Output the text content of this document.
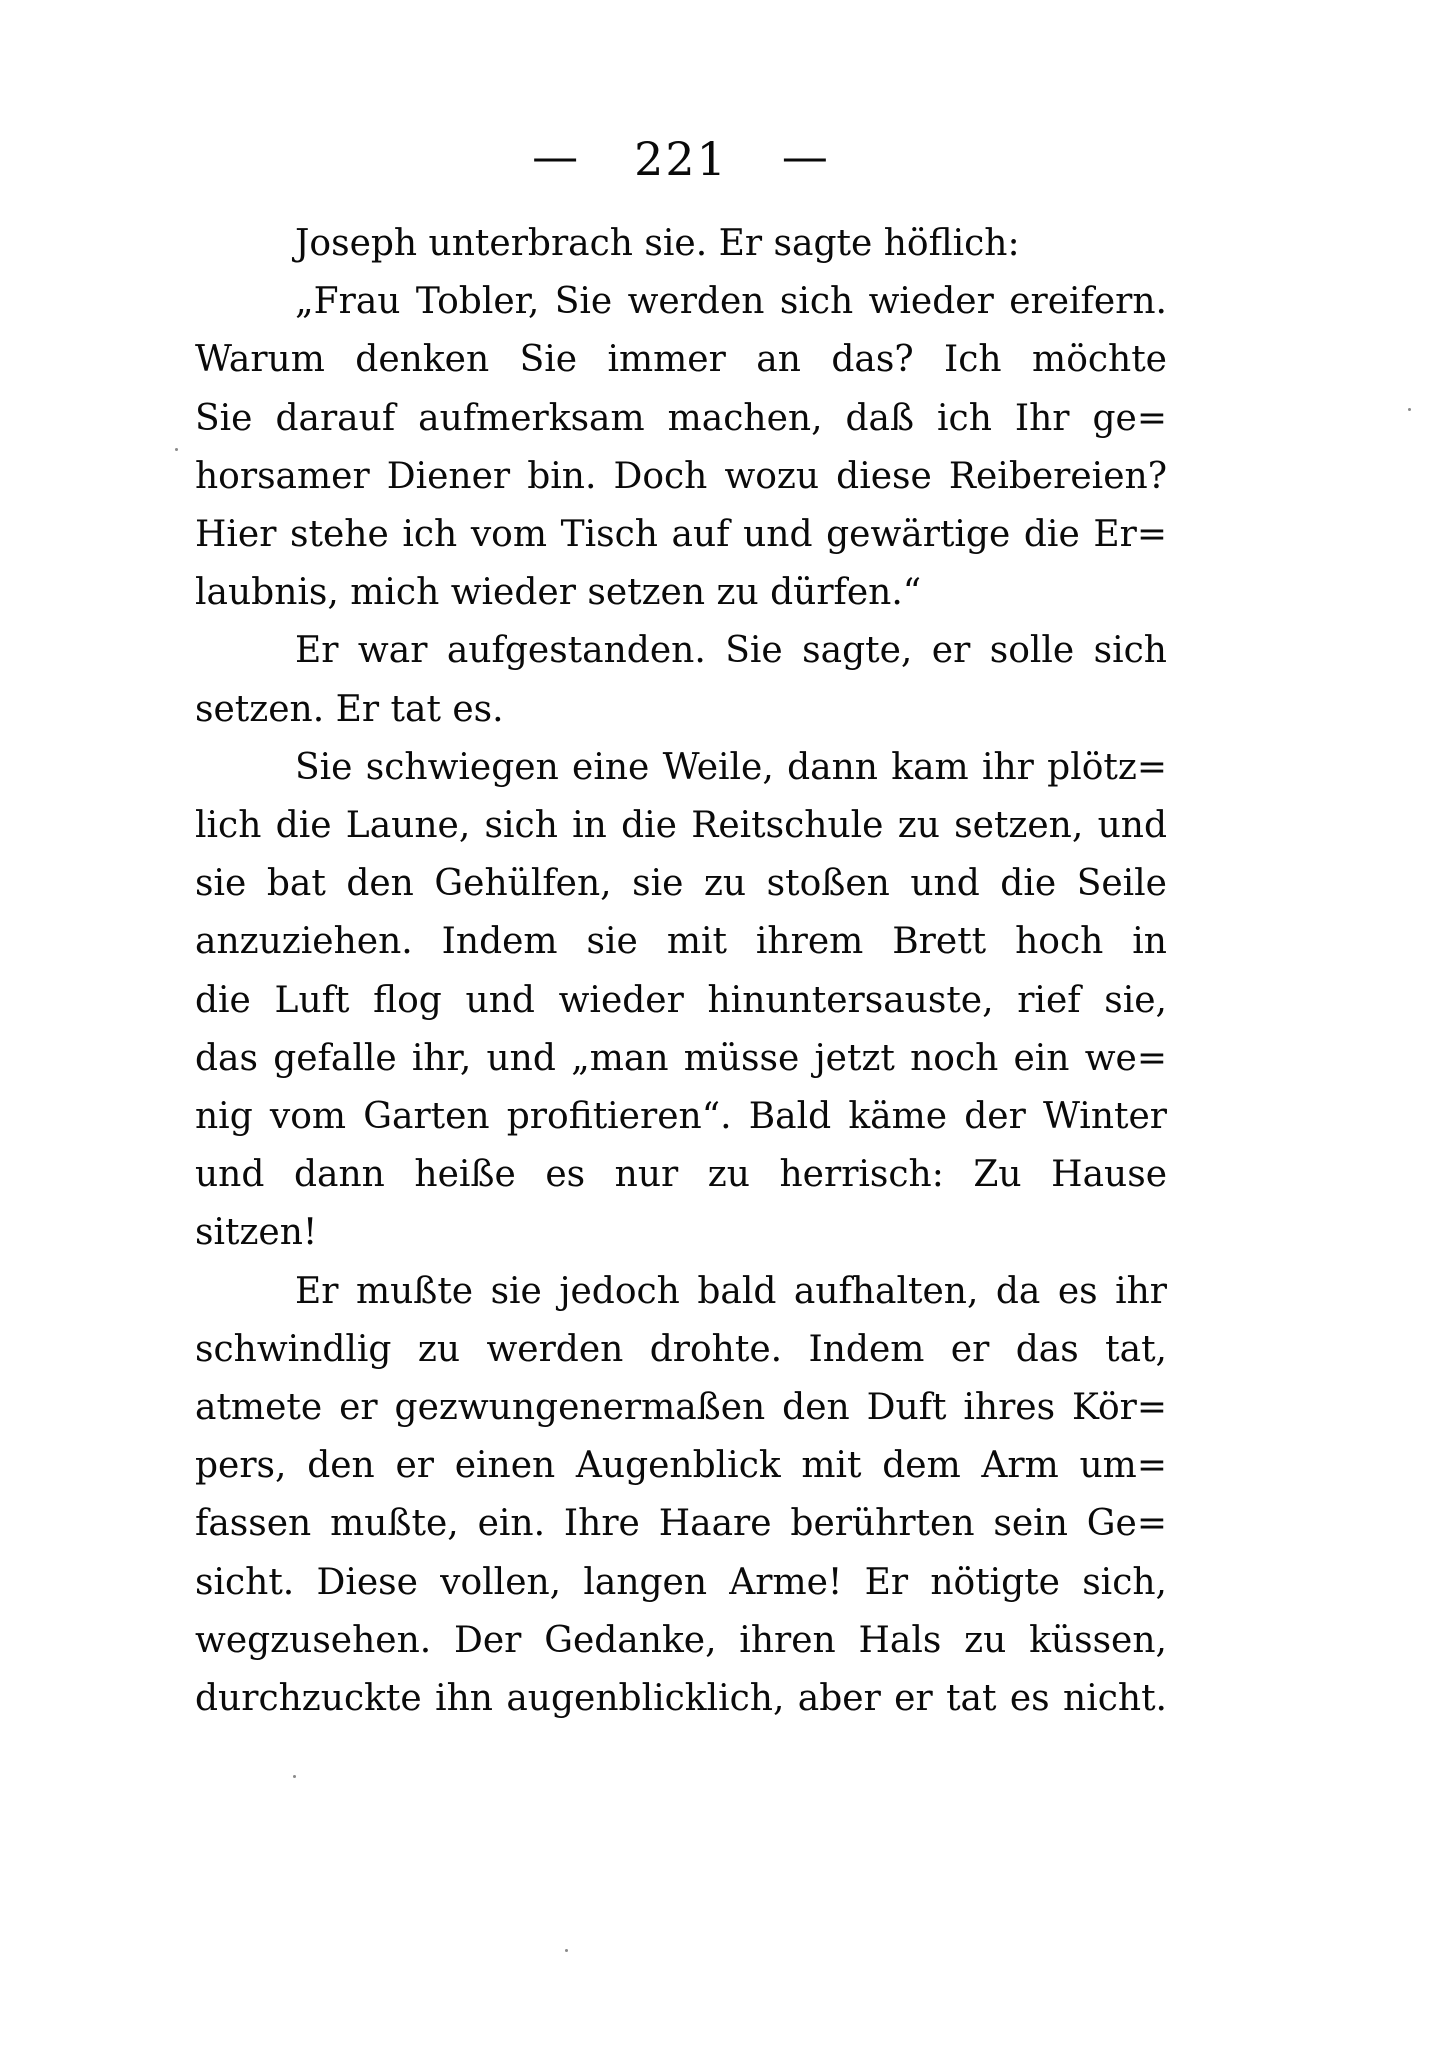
— 221 —
Joseph unterbrach sie. Er sagte höflich:
„Frau Tobler, Sie werden sich wieder ereifern.
Warum denken Sie immer an das? Ich möchte
Sie darauf aufmerksam machen, daß ich Ihr ge=
horsamer Diener bin. Doch wozu diese Reibereien?
Hier stehe ich vom Tisch auf und gewärtige die Er=
laubnis, mich wieder setzen zu dürfen.“
Er war aufgestanden. Sie sagte, er solle sich
setzen. Er tat es.
Sie schwiegen eine Weile, dann kam ihr plötz=
lich die Laune, sich in die Reitschule zu setzen, und
sie bat den Gehülfen, sie zu stoßen und die Seile
anzuziehen. Indem sie mit ihrem Brett hoch in
die Luft flog und wieder hinuntersauste, rief sie,
das gefalle ihr, und „man müsse jetzt noch ein we=
nig vom Garten profitieren“. Bald käme der Winter
und dann heiße es nur zu herrisch: Zu Hause
sitzen!
Er mußte sie jedoch bald aufhalten, da es ihr
schwindlig zu werden drohte. Indem er das tat,
atmete er gezwungenermaßen den Duft ihres Kör=
pers, den er einen Augenblick mit dem Arm um=
fassen mußte, ein. Ihre Haare berührten sein Ge=
sicht. Diese vollen, langen Arme! Er nötigte sich,
wegzusehen. Der Gedanke, ihren Hals zu küssen,
durchzuckte ihn augenblicklich, aber er tat es nicht.
